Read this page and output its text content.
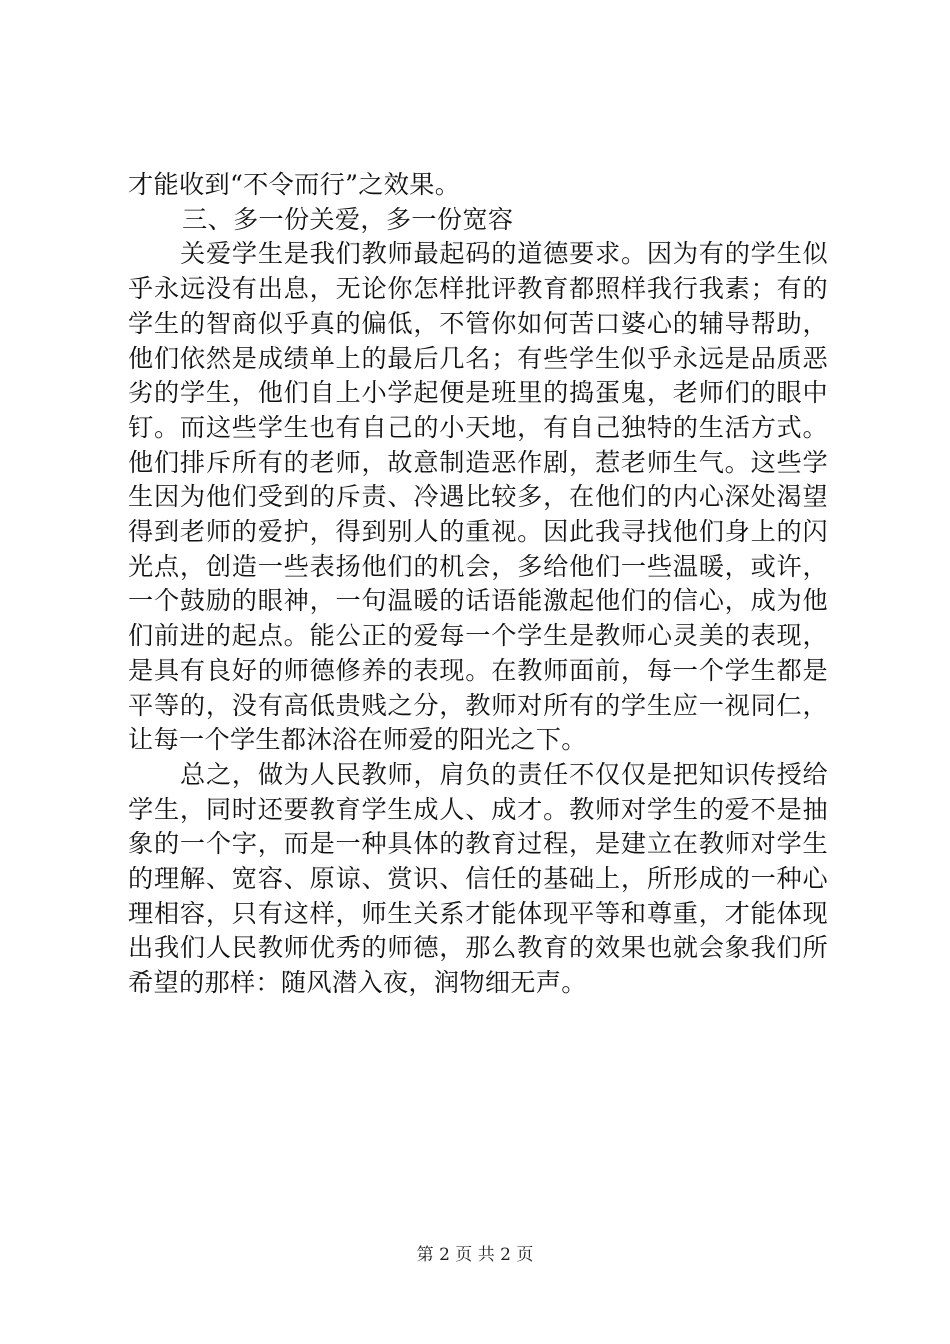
才能收到“不令而行”之效果。
三、多一份关爱，多一份宽容
关爱学生是我们教师最起码的道德要求。因为有的学生似
乎永远没有出息，无论你怎样批评教育都照样我行我素；有的
学生的智商似乎真的偏低，不管你如何苦口婆心的辅导帮助，
他们依然是成绩单上的最后几名；有些学生似乎永远是品质恶
劣的学生，他们自上小学起便是班里的捣蛋鬼，老师们的眼中
钉。而这些学生也有自己的小天地，有自己独特的生活方式。
他们排斥所有的老师，故意制造恶作剧，惹老师生气。这些学
生因为他们受到的斥责、冷遇比较多，在他们的内心深处渴望
得到老师的爱护，得到别人的重视。因此我寻找他们身上的闪
光点，创造一些表扬他们的机会，多给他们一些温暖，或许，
一个鼓励的眼神，一句温暖的话语能激起他们的信心，成为他
们前进的起点。能公正的爱每一个学生是教师心灵美的表现，
是具有良好的师德修养的表现。在教师面前，每一个学生都是
平等的，没有高低贵贱之分，教师对所有的学生应一视同仁，
让每一个学生都沐浴在师爱的阳光之下。
总之，做为人民教师，肩负的责任不仅仅是把知识传授给
学生，同时还要教育学生成人、成才。教师对学生的爱不是抽
象的一个字，而是一种具体的教育过程，是建立在教师对学生
的理解、宽容、原谅、赏识、信任的基础上，所形成的一种心
理相容，只有这样，师生关系才能体现平等和尊重，才能体现
出我们人民教师优秀的师德，那么教育的效果也就会象我们所
希望的那样：随风潜入夜，润物细无声。
第 2 页 共 2 页
